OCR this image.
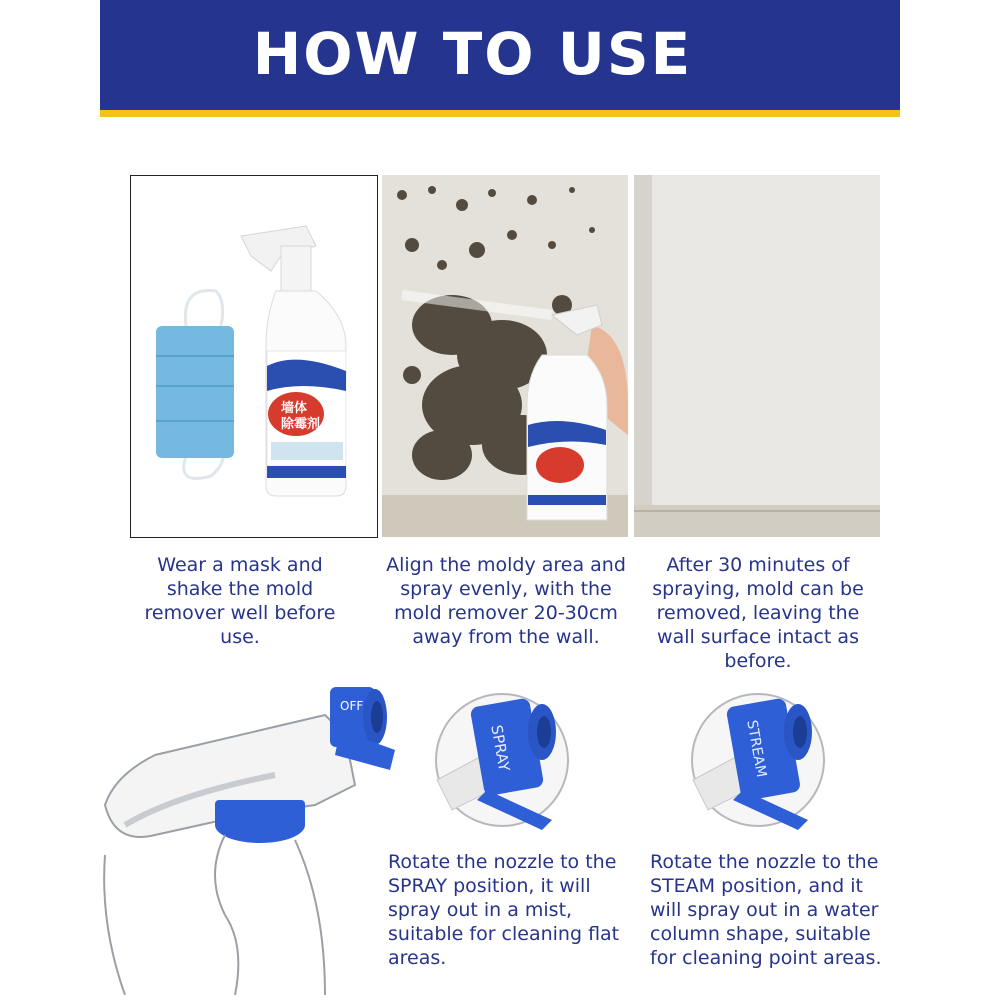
HOW TO USE
墙体
除霉剂
Wear a mask and shake the mold remover well before use.
Align the moldy area and spray evenly, with the mold remover 20-30cm away from the wall.
After 30 minutes of spraying, mold can be removed, leaving the wall surface intact as before.
OFF
SPRAY	STREAM
Rotate the nozzle to the SPRAY position, it will spray out in a mist, suitable for cleaning flat areas.
Rotate the nozzle to the STEAM position, and it will spray out in a water column shape, suitable for cleaning point areas.
